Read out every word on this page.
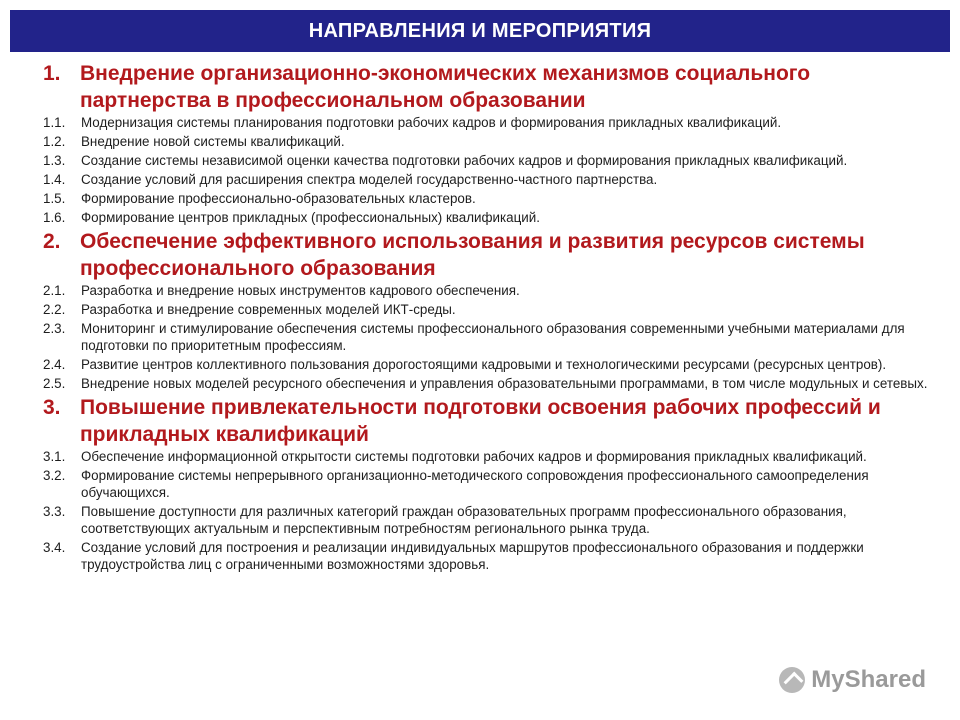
НАПРАВЛЕНИЯ И МЕРОПРИЯТИЯ
1. Внедрение организационно-экономических механизмов социального партнерства в профессиональном образовании
1.1. Модернизация системы планирования подготовки рабочих кадров и формирования прикладных квалификаций.
1.2. Внедрение новой системы квалификаций.
1.3. Создание системы независимой оценки качества подготовки рабочих кадров и формирования прикладных квалификаций.
1.4. Создание условий для расширения спектра моделей государственно-частного партнерства.
1.5. Формирование профессионально-образовательных кластеров.
1.6. Формирование центров прикладных (профессиональных) квалификаций.
2. Обеспечение эффективного использования и развития ресурсов системы профессионального образования
2.1. Разработка и внедрение новых инструментов кадрового обеспечения.
2.2. Разработка и внедрение современных моделей ИКТ-среды.
2.3. Мониторинг и стимулирование обеспечения системы профессионального образования современными учебными материалами для подготовки по приоритетным профессиям.
2.4. Развитие центров коллективного пользования дорогостоящими кадровыми и технологическими ресурсами (ресурсных центров).
2.5. Внедрение новых моделей ресурсного обеспечения и управления образовательными программами, в том числе модульных и сетевых.
3. Повышение привлекательности подготовки освоения рабочих профессий и прикладных квалификаций
3.1. Обеспечение информационной открытости системы подготовки рабочих кадров и формирования прикладных квалификаций.
3.2. Формирование системы непрерывного организационно-методического сопровождения профессионального самоопределения обучающихся.
3.3. Повышение доступности для различных категорий граждан образовательных программ профессионального образования, соответствующих актуальным и перспективным потребностям регионального рынка труда.
3.4. Создание условий для построения и реализации индивидуальных маршрутов профессионального образования и поддержки трудоустройства лиц с ограниченными возможностями здоровья.
MyShared
